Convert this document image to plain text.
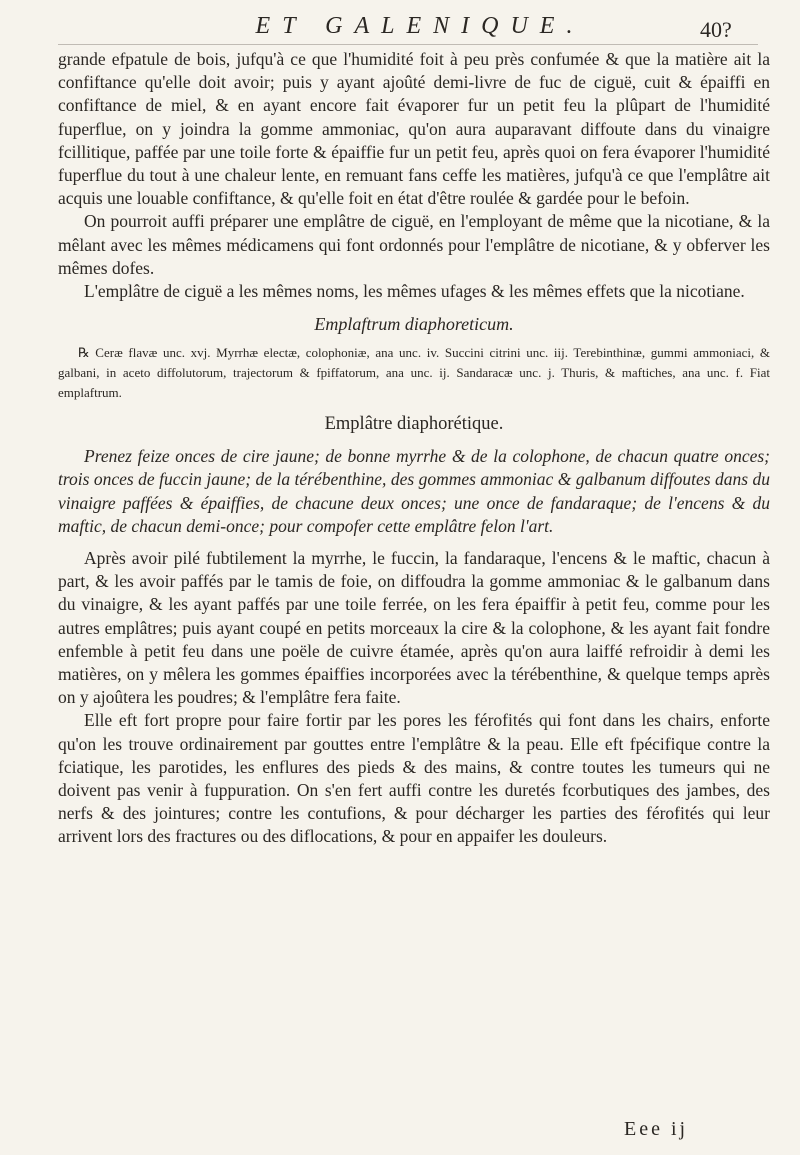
ET GALENIQUE.	40?

grande efpatule de bois, jufqu'à ce que l'humidité foit à peu près confumée & que la matière ait la confiftance qu'elle doit avoir; puis y ayant ajoûté demi-livre de fuc de ciguë, cuit & épaiffi en confiftance de miel, & en ayant encore fait évaporer fur un petit feu la plûpart de l'humidité fuperflue, on y joindra la gomme ammoniac, qu'on aura auparavant diffoute dans du vinaigre fcillitique, paffée par une toile forte & épaiffie fur un petit feu, après quoi on fera évaporer l'humidité fuperflue du tout à une chaleur lente, en remuant fans ceffe les matières, jufqu'à ce que l'emplâtre ait acquis une louable confiftance, & qu'elle foit en état d'être roulée & gardée pour le befoin.

On pourroit auffi préparer une emplâtre de ciguë, en l'employant de même que la nicotiane, & la mêlant avec les mêmes médicamens qui font ordonnés pour l'emplâtre de nicotiane, & y obferver les mêmes dofes.

L'emplâtre de ciguë a les mêmes noms, les mêmes ufages & les mêmes effets que la nicotiane.

Emplaftrum diaphoreticum.

℞ Ceræ flavæ unc. xvj. Myrrhæ electæ, colophoniæ, ana unc. iv. Succini citrini unc. iij. Terebinthinæ, gummi ammoniaci, & galbani, in aceto diffolutorum, trajectorum & fpiffatorum, ana unc. ij. Sandaracæ unc. j. Thuris, & maftiches, ana unc. f. Fiat emplaftrum.

Emplâtre diaphorétique.

Prenez feize onces de cire jaune; de bonne myrrhe & de la colophone, de chacun quatre onces; trois onces de fuccin jaune; de la térébenthine, des gommes ammoniac & galbanum diffoutes dans du vinaigre paffées & épaiffies, de chacune deux onces; une once de fandaraque; de l'encens & du maftic, de chacun demi-once; pour compofer cette emplâtre felon l'art.

Après avoir pilé fubtilement la myrrhe, le fuccin, la fandaraque, l'encens & le maftic, chacun à part, & les avoir paffés par le tamis de foie, on diffoudra la gomme ammoniac & le galbanum dans du vinaigre, & les ayant paffés par une toile ferrée, on les fera épaiffir à petit feu, comme pour les autres emplâtres; puis ayant coupé en petits morceaux la cire & la colophone, & les ayant fait fondre enfemble à petit feu dans une poële de cuivre étamée, après qu'on aura laiffé refroidir à demi les matières, on y mêlera les gommes épaiffies incorporées avec la térébenthine, & quelque temps après on y ajoûtera les poudres; & l'emplâtre fera faite.

Elle eft fort propre pour faire fortir par les pores les férofités qui font dans les chairs, enforte qu'on les trouve ordinairement par gouttes entre l'emplâtre & la peau. Elle eft fpécifique contre la fciatique, les parotides, les enflures des pieds & des mains, & contre toutes les tumeurs qui ne doivent pas venir à fuppuration. On s'en fert auffi contre les duretés fcorbutiques des jambes, des nerfs & des jointures; contre les contufions, & pour décharger les parties des férofités qui leur arrivent lors des fractures ou des diflocations, & pour en appaifer les douleurs.

Eee ij
